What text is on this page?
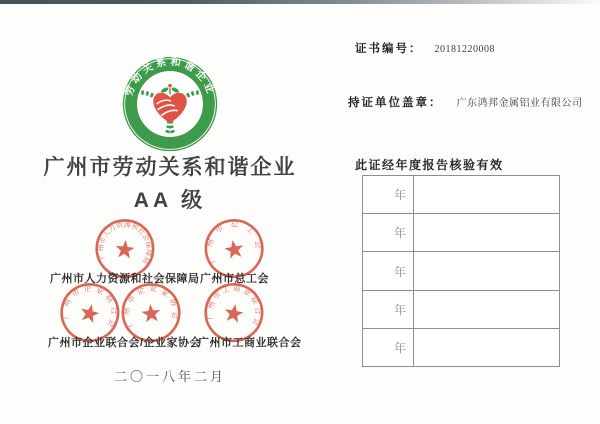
劳动关系和谐企业
广州市劳动关系和谐企业
AA 级
广州市人力资源和社会保障局	广州市总工会
广州市企业联合会 广州市企业家协会 广州市工商业联合会
广州市人力资源和社会保障局 广州市总工会
广州市企业联合会/企业家协会
广州市工商业联合会
二〇一八年二月
证书编号： 20181220008
持证单位盖章： 广东鸿邦金属铝业有限公司
此证经年度报告核验有效
年
年
年
年
年
